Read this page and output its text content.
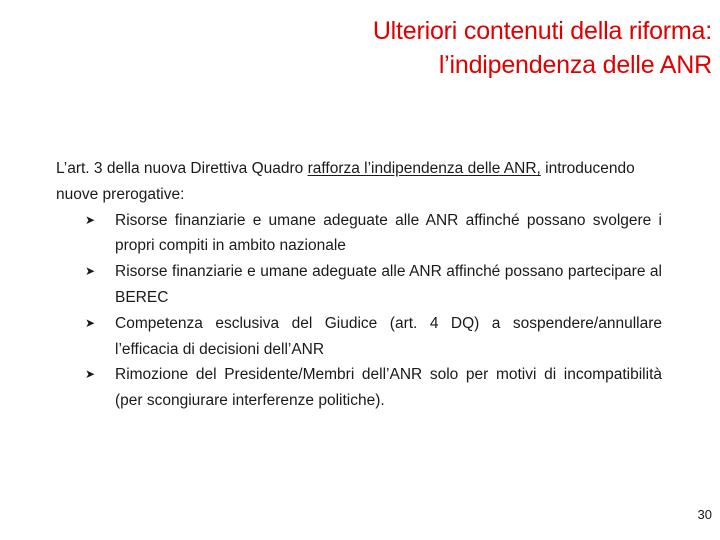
Ulteriori contenuti della riforma:
l’indipendenza delle ANR

L’art. 3 della nuova Direttiva Quadro rafforza l’indipendenza delle ANR, introducendo nuove prerogative:

➤ Risorse finanziarie e umane adeguate alle ANR affinché possano svolgere i propri compiti in ambito nazionale
➤ Risorse finanziarie e umane adeguate alle ANR affinché possano partecipare al BEREC
➤ Competenza esclusiva del Giudice (art. 4 DQ) a sospendere/annullare l’efficacia di decisioni dell’ANR
➤ Rimozione del Presidente/Membri dell’ANR solo per motivi di incompatibilità (per scongiurare interferenze politiche).
30
